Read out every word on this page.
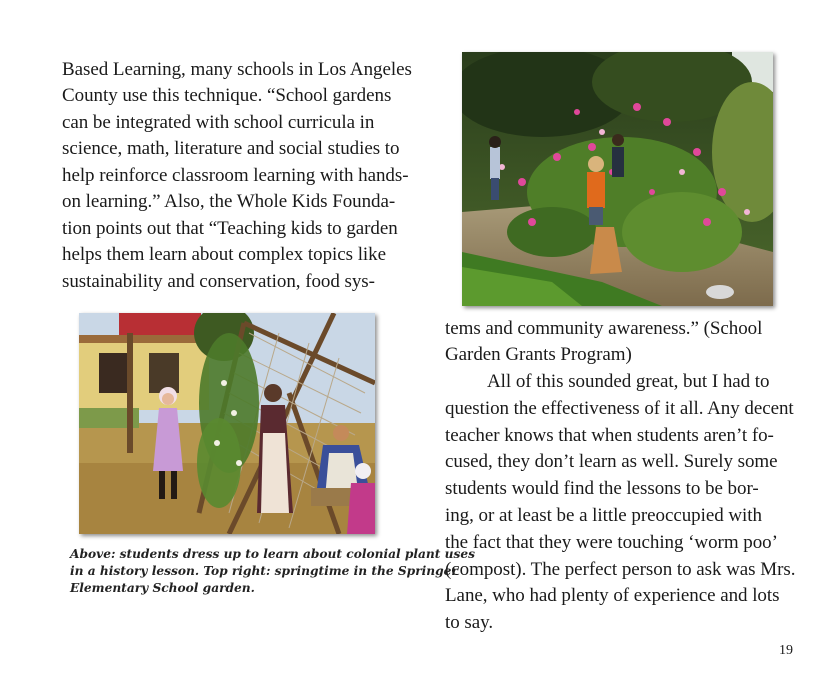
Based Learning, many schools in Los Angeles
County use this technique. “School gardens
can be integrated with school curricula in
science, math, literature and social studies to
help reinforce classroom learning with hands-
on learning.” Also, the Whole Kids Founda-
tion points out that “Teaching kids to garden
helps them learn about complex topics like
sustainability and conservation, food sys-
tems and community awareness.” (School
Garden Grants Program)
All of this sounded great, but I had to
question the effectiveness of it all. Any decent
teacher knows that when students aren’t fo-
cused, they don’t learn as well. Surely some
students would find the lessons to be bor-
ing, or at least be a little preoccupied with
the fact that they were touching ‘worm poo’
(compost). The perfect person to ask was Mrs.
Lane, who had plenty of experience and lots
to say.
Above: students dress up to learn about colonial plant uses
in a history lesson. Top right: springtime in the Springer
Elementary School garden.
19
